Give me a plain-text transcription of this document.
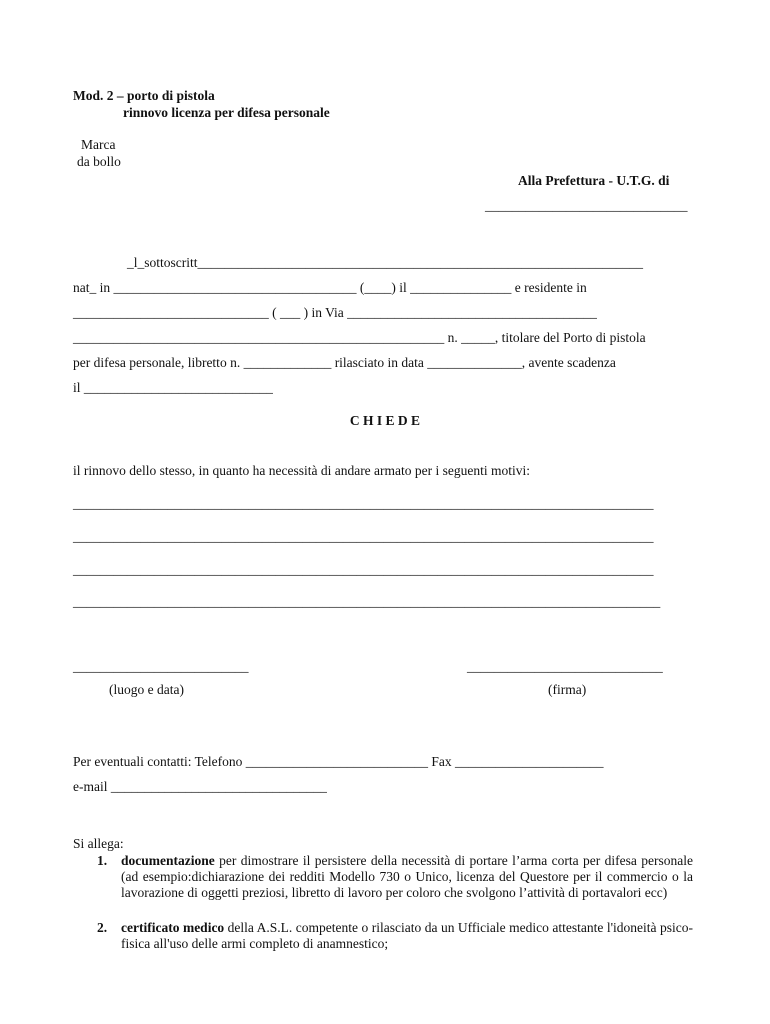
Mod. 2 – porto di pistola
rinnovo licenza per difesa personale
Marca
da bollo
Alla Prefettura - U.T.G. di
______________________________
_l_sottoscritt__________________________________________________________________
nat_ in ____________________________________ (____) il _______________ e residente in
_____________________________ ( ___ ) in Via _____________________________________
_______________________________________________________ n. _____, titolare del Porto di pistola
per difesa personale, libretto n. _____________ rilasciato in data ______________, avente scadenza
il ____________________________
C H I E D E
il rinnovo dello stesso, in quanto ha necessità di andare armato per i seguenti motivi:
______________________________________________________________________________________
______________________________________________________________________________________
______________________________________________________________________________________
_______________________________________________________________________________________
__________________________
(luogo e data)
_____________________________
(firma)
Per eventuali contatti: Telefono ___________________________ Fax ______________________
e-mail ________________________________
Si allega:
1. documentazione per dimostrare il persistere della necessità di portare l’arma corta per difesa personale (ad esempio:dichiarazione dei redditi Modello 730 o Unico, licenza del Questore per il commercio o la lavorazione di oggetti preziosi, libretto di lavoro per coloro che svolgono l’attività di portavalori ecc)
2. certificato medico della A.S.L. competente o rilasciato da un Ufficiale medico attestante l'idoneità psico-fisica all'uso delle armi completo di anamnestico;
